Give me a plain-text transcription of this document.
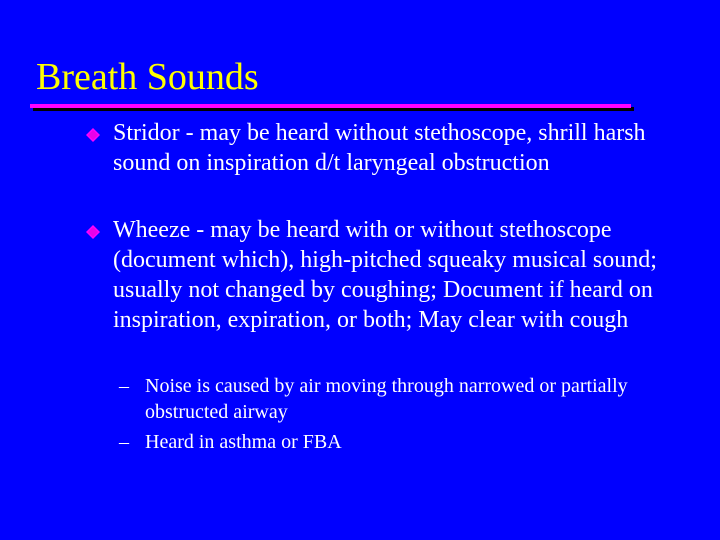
Breath Sounds
Stridor - may be heard without stethoscope, shrill harsh sound on inspiration d/t laryngeal obstruction
Wheeze - may be heard with or without stethoscope (document which), high-pitched squeaky musical sound; usually not changed by coughing; Document if heard on inspiration, expiration, or both; May clear with cough
– Noise is caused by air moving through narrowed or partially obstructed airway
– Heard in asthma or FBA
